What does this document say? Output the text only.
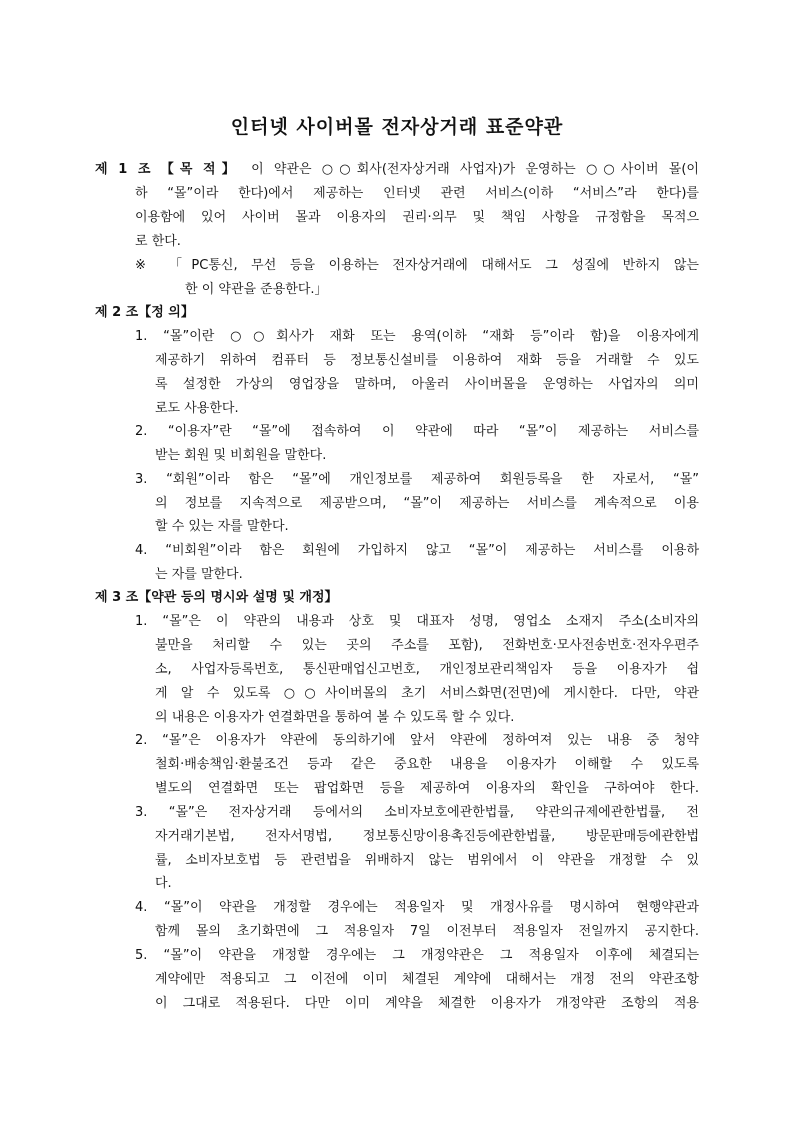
인터넷 사이버몰 전자상거래 표준약관
제 1 조 【목 적】 이 약관은 ○○회사(전자상거래 사업자)가 운영하는 ○○사이버 몰(이
하 “몰”이라 한다)에서 제공하는 인터넷 관련 서비스(이하 “서비스”라 한다)를
이용함에 있어 사이버 몰과 이용자의 권리·의무 및 책임 사항을 규정함을 목적으
로 한다.
※ 「PC통신, 무선 등을 이용하는 전자상거래에 대해서도 그 성질에 반하지 않는
한 이 약관을 준용한다.」
제 2 조【정 의】
1. “몰”이란 ○○회사가 재화 또는 용역(이하 “재화 등”이라 함)을 이용자에게
제공하기 위하여 컴퓨터 등 정보통신설비를 이용하여 재화 등을 거래할 수 있도
록 설정한 가상의 영업장을 말하며, 아울러 사이버몰을 운영하는 사업자의 의미
로도 사용한다.
2. “이용자”란 “몰”에 접속하여 이 약관에 따라 “몰”이 제공하는 서비스를
받는 회원 및 비회원을 말한다.
3. “회원”이라 함은 “몰”에 개인정보를 제공하여 회원등록을 한 자로서, “몰”
의 정보를 지속적으로 제공받으며, “몰”이 제공하는 서비스를 계속적으로 이용
할 수 있는 자를 말한다.
4. “비회원”이라 함은 회원에 가입하지 않고 “몰”이 제공하는 서비스를 이용하
는 자를 말한다.
제 3 조【약관 등의 명시와 설명 및 개정】
1. “몰”은 이 약관의 내용과 상호 및 대표자 성명, 영업소 소재지 주소(소비자의
불만을 처리할 수 있는 곳의 주소를 포함), 전화번호·모사전송번호·전자우편주
소, 사업자등록번호, 통신판매업신고번호, 개인정보관리책임자 등을 이용자가 쉽
게 알 수 있도록 ○○사이버몰의 초기 서비스화면(전면)에 게시한다. 다만, 약관
의 내용은 이용자가 연결화면을 통하여 볼 수 있도록 할 수 있다.
2. “몰”은 이용자가 약관에 동의하기에 앞서 약관에 정하여져 있는 내용 중 청약
철회·배송책임·환불조건 등과 같은 중요한 내용을 이용자가 이해할 수 있도록
별도의 연결화면 또는 팝업화면 등을 제공하여 이용자의 확인을 구하여야 한다.
3. “몰”은 전자상거래 등에서의 소비자보호에관한법률, 약관의규제에관한법률, 전
자거래기본법, 전자서명법, 정보통신망이용촉진등에관한법률, 방문판매등에관한법
률, 소비자보호법 등 관련법을 위배하지 않는 범위에서 이 약관을 개정할 수 있
다.
4. “몰”이 약관을 개정할 경우에는 적용일자 및 개정사유를 명시하여 현행약관과
함께 몰의 초기화면에 그 적용일자 7일 이전부터 적용일자 전일까지 공지한다.
5. “몰”이 약관을 개정할 경우에는 그 개정약관은 그 적용일자 이후에 체결되는
계약에만 적용되고 그 이전에 이미 체결된 계약에 대해서는 개정 전의 약관조항
이 그대로 적용된다. 다만 이미 계약을 체결한 이용자가 개정약관 조항의 적용
